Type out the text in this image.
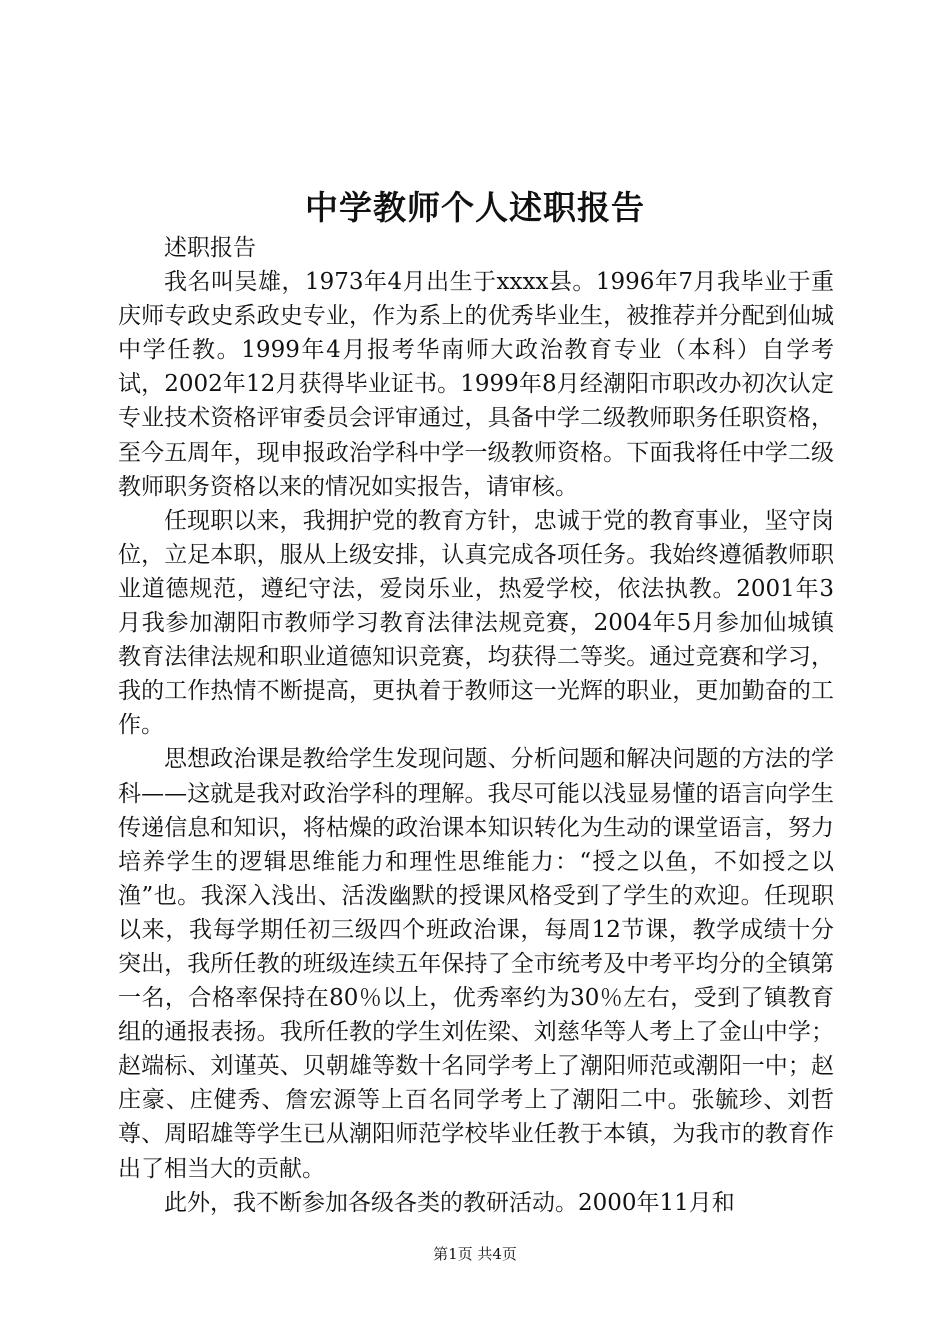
中学教师个人述职报告

述职报告

我名叫吴雄，1973年4月出生于xxxx县。1996年7月我毕业于重庆师专政史系政史专业，作为系上的优秀毕业生，被推荐并分配到仙城中学任教。1999年4月报考华南师大政治教育专业（本科）自学考试，2002年12月获得毕业证书。1999年8月经潮阳市职改办初次认定专业技术资格评审委员会评审通过，具备中学二级教师职务任职资格，至今五周年，现申报政治学科中学一级教师资格。下面我将任中学二级教师职务资格以来的情况如实报告，请审核。

任现职以来，我拥护党的教育方针，忠诚于党的教育事业，坚守岗位，立足本职，服从上级安排，认真完成各项任务。我始终遵循教师职业道德规范，遵纪守法，爱岗乐业，热爱学校，依法执教。2001年3月我参加潮阳市教师学习教育法律法规竞赛，2004年5月参加仙城镇教育法律法规和职业道德知识竞赛，均获得二等奖。通过竞赛和学习，我的工作热情不断提高，更执着于教师这一光辉的职业，更加勤奋的工作。

思想政治课是教给学生发现问题、分析问题和解决问题的方法的学科——这就是我对政治学科的理解。我尽可能以浅显易懂的语言向学生传递信息和知识，将枯燥的政治课本知识转化为生动的课堂语言，努力培养学生的逻辑思维能力和理性思维能力：“授之以鱼，不如授之以渔”也。我深入浅出、活泼幽默的授课风格受到了学生的欢迎。任现职以来，我每学期任初三级四个班政治课，每周12节课，教学成绩十分突出，我所任教的班级连续五年保持了全市统考及中考平均分的全镇第一名，合格率保持在80％以上，优秀率约为30％左右，受到了镇教育组的通报表扬。我所任教的学生刘佐梁、刘慈华等人考上了金山中学；赵端标、刘谨英、贝朝雄等数十名同学考上了潮阳师范或潮阳一中；赵庄豪、庄健秀、詹宏源等上百名同学考上了潮阳二中。张毓珍、刘哲尊、周昭雄等学生已从潮阳师范学校毕业任教于本镇，为我市的教育作出了相当大的贡献。

此外，我不断参加各级各类的教研活动。2000年11月和

第1页 共4页
